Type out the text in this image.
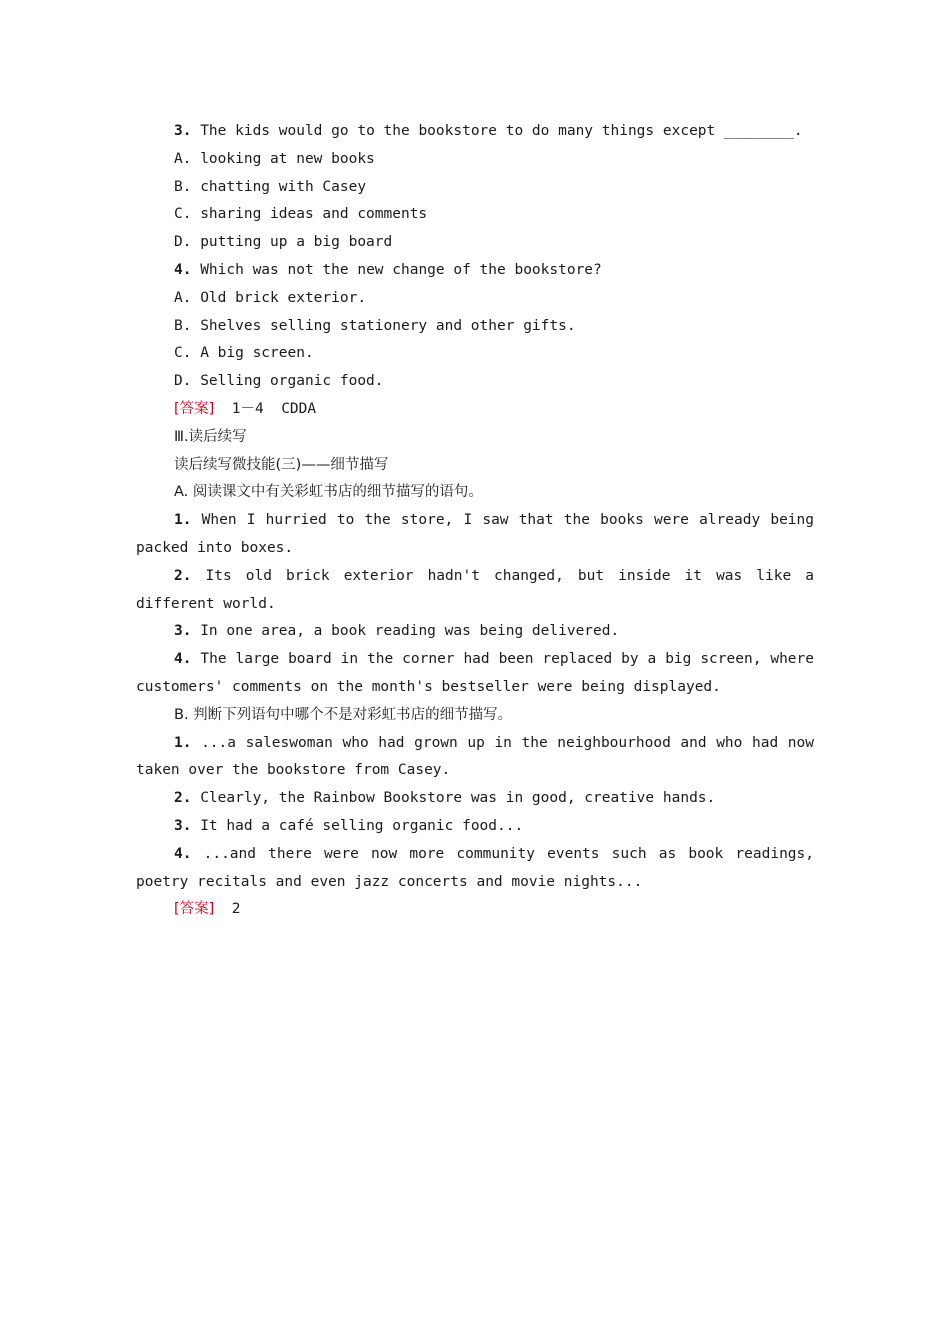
3. The kids would go to the bookstore to do many things except ________.
A. looking at new books
B. chatting with Casey
C. sharing ideas and comments
D. putting up a big board
4. Which was not the new change of the bookstore?
A. Old brick exterior.
B. Shelves selling stationery and other gifts.
C. A big screen.
D. Selling organic food.
[答案]  1－4  CDDA
Ⅲ.读后续写
读后续写微技能(三)——细节描写
A. 阅读课文中有关彩虹书店的细节描写的语句。
1. When I hurried to the store, I saw that the books were already being packed into boxes.
2. Its old brick exterior hadn't changed, but inside it was like a different world.
3. In one area, a book reading was being delivered.
4. The large board in the corner had been replaced by a big screen, where customers' comments on the month's bestseller were being displayed.
B. 判断下列语句中哪个不是对彩虹书店的细节描写。
1. ...a saleswoman who had grown up in the neighbourhood and who had now taken over the bookstore from Casey.
2. Clearly, the Rainbow Bookstore was in good, creative hands.
3. It had a café selling organic food...
4. ...and there were now more community events such as book readings, poetry recitals and even jazz concerts and movie nights...
[答案]  2
